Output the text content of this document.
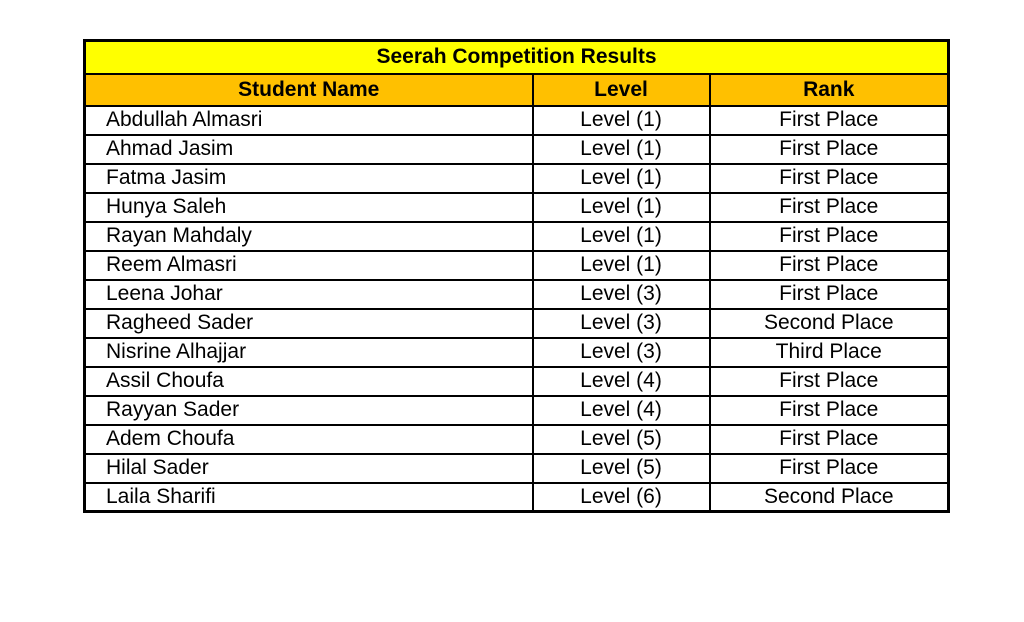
Seerah Competition Results		
Student Name	Level	Rank
Abdullah Almasri	Level (1)	First Place
Ahmad Jasim	Level (1)	First Place
Fatma Jasim	Level (1)	First Place
Hunya Saleh	Level (1)	First Place
Rayan Mahdaly	Level (1)	First Place
Reem Almasri	Level (1)	First Place
Leena Johar	Level (3)	First Place
Ragheed Sader	Level (3)	Second Place
Nisrine Alhajjar	Level (3)	Third Place
Assil Choufa	Level (4)	First Place
Rayyan Sader	Level (4)	First Place
Adem Choufa	Level (5)	First Place
Hilal Sader	Level (5)	First Place
Laila Sharifi	Level (6)	Second Place
